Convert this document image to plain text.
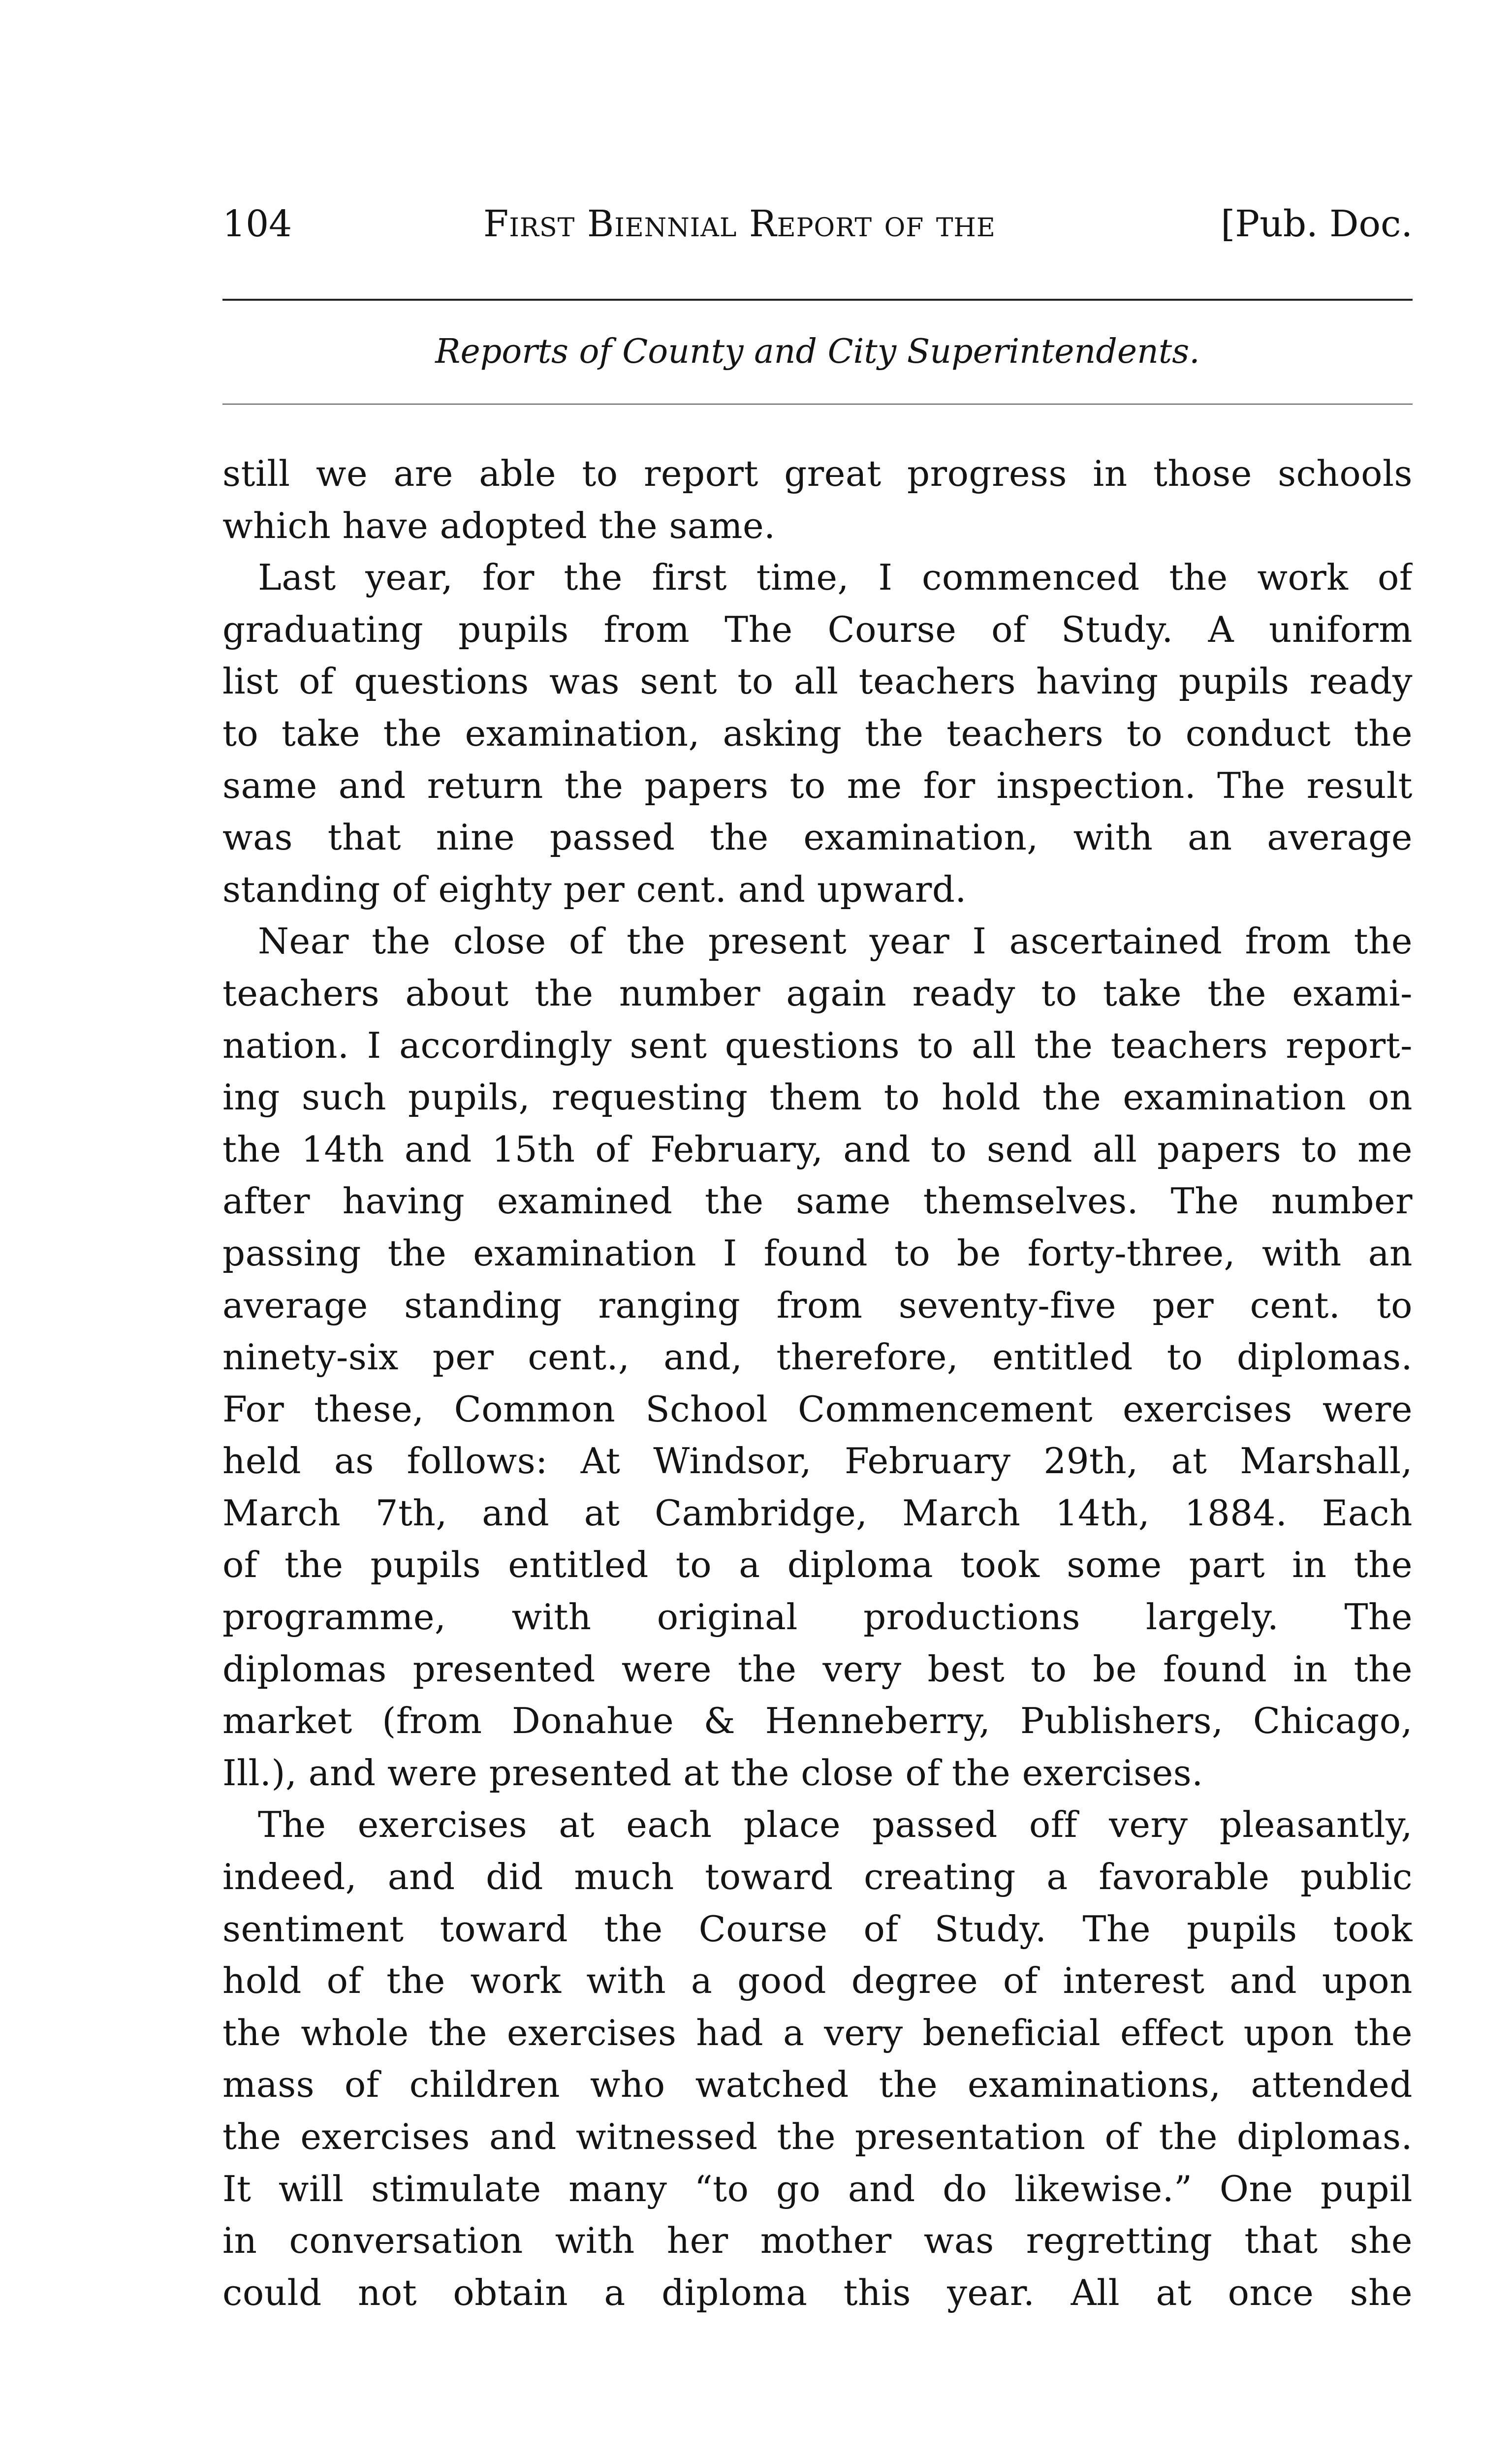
104	First Biennial Report of the	[Pub. Doc.
Reports of County and City Superintendents.
still we are able to report great progress in those schools
which have adopted the same.
Last year, for the first time, I commenced the work of
graduating pupils from The Course of Study. A uniform
list of questions was sent to all teachers having pupils ready
to take the examination, asking the teachers to conduct the
same and return the papers to me for inspection. The result
was that nine passed the examination, with an average
standing of eighty per cent. and upward.
Near the close of the present year I ascertained from the
teachers about the number again ready to take the exami-
nation. I accordingly sent questions to all the teachers report-
ing such pupils, requesting them to hold the examination on
the 14th and 15th of February, and to send all papers to me
after having examined the same themselves. The number
passing the examination I found to be forty-three, with an
average standing ranging from seventy-five per cent. to
ninety-six per cent., and, therefore, entitled to diplomas.
For these, Common School Commencement exercises were
held as follows: At Windsor, February 29th, at Marshall,
March 7th, and at Cambridge, March 14th, 1884. Each
of the pupils entitled to a diploma took some part in the
programme, with original productions largely. The
diplomas presented were the very best to be found in the
market (from Donahue & Henneberry, Publishers, Chicago,
Ill.), and were presented at the close of the exercises.
The exercises at each place passed off very pleasantly,
indeed, and did much toward creating a favorable public
sentiment toward the Course of Study. The pupils took
hold of the work with a good degree of interest and upon
the whole the exercises had a very beneficial effect upon the
mass of children who watched the examinations, attended
the exercises and witnessed the presentation of the diplomas.
It will stimulate many “to go and do likewise.” One pupil
in conversation with her mother was regretting that she
could not obtain a diploma this year. All at once she
